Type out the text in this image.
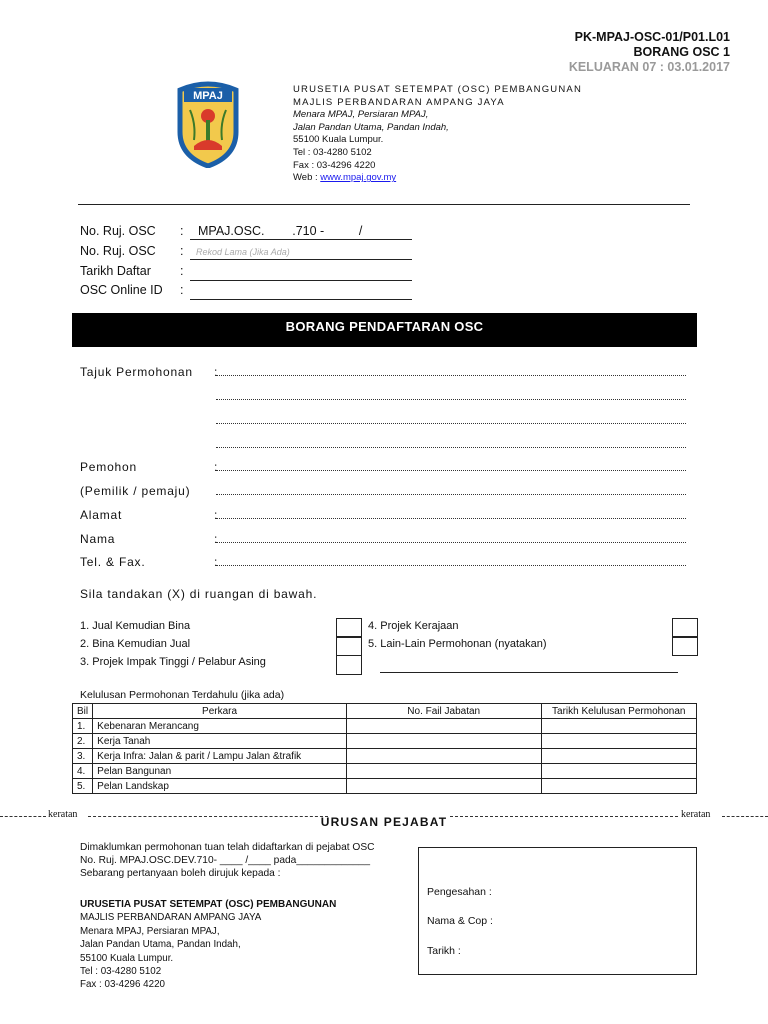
PK-MPAJ-OSC-01/P01.L01
BORANG OSC 1
KELUARAN 07 : 03.01.2017
MPAJ
URUSETIA PUSAT SETEMPAT (OSC) PEMBANGUNAN
MAJLIS PERBANDARAN AMPANG JAYA
Menara MPAJ, Persiaran MPAJ,
Jalan Pandan Utama, Pandan Indah,
55100 Kuala Lumpur.
Tel : 03-4280 5102
Fax : 03-4296 4220
Web : www.mpaj.gov.my
No. Ruj. OSC	:	MPAJ.OSC.        .710 -          /
No. Ruj. OSC	:	Rekod Lama (Jika Ada)
Tarikh Daftar	:
OSC Online ID	:
BORANG PENDAFTARAN OSC
Tajuk Permohonan :
Pemohon	:
(Pemilik / pemaju)
Alamat	:
Nama	:
Tel. & Fax.	:
Sila tandakan (X) di ruangan di bawah.
1. Jual Kemudian Bina
2. Bina Kemudian Jual
3. Projek Impak Tinggi / Pelabur Asing
4. Projek Kerajaan
5. Lain-Lain Permohonan (nyatakan)
Kelulusan Permohonan Terdahulu (jika ada)
Bil	Perkara	No. Fail Jabatan	Tarikh Kelulusan Permohonan
1.	Kebenaran Merancang		
2.	Kerja Tanah		
3.	Kerja Infra: Jalan & parit / Lampu Jalan &trafik		
4.	Pelan Bangunan		
5.	Pelan Landskap		
keratan	keratan
URUSAN PEJABAT
Dimaklumkan permohonan tuan telah didaftarkan di pejabat OSC
No. Ruj. MPAJ.OSC.DEV.710- ____ /____ pada_____________
Sebarang pertanyaan boleh dirujuk kepada :
URUSETIA PUSAT SETEMPAT (OSC) PEMBANGUNAN
MAJLIS PERBANDARAN AMPANG JAYA
Menara MPAJ, Persiaran MPAJ,
Jalan Pandan Utama, Pandan Indah,
55100 Kuala Lumpur.
Tel : 03-4280 5102
Fax : 03-4296 4220
Pengesahan :
Nama & Cop :
Tarikh :
